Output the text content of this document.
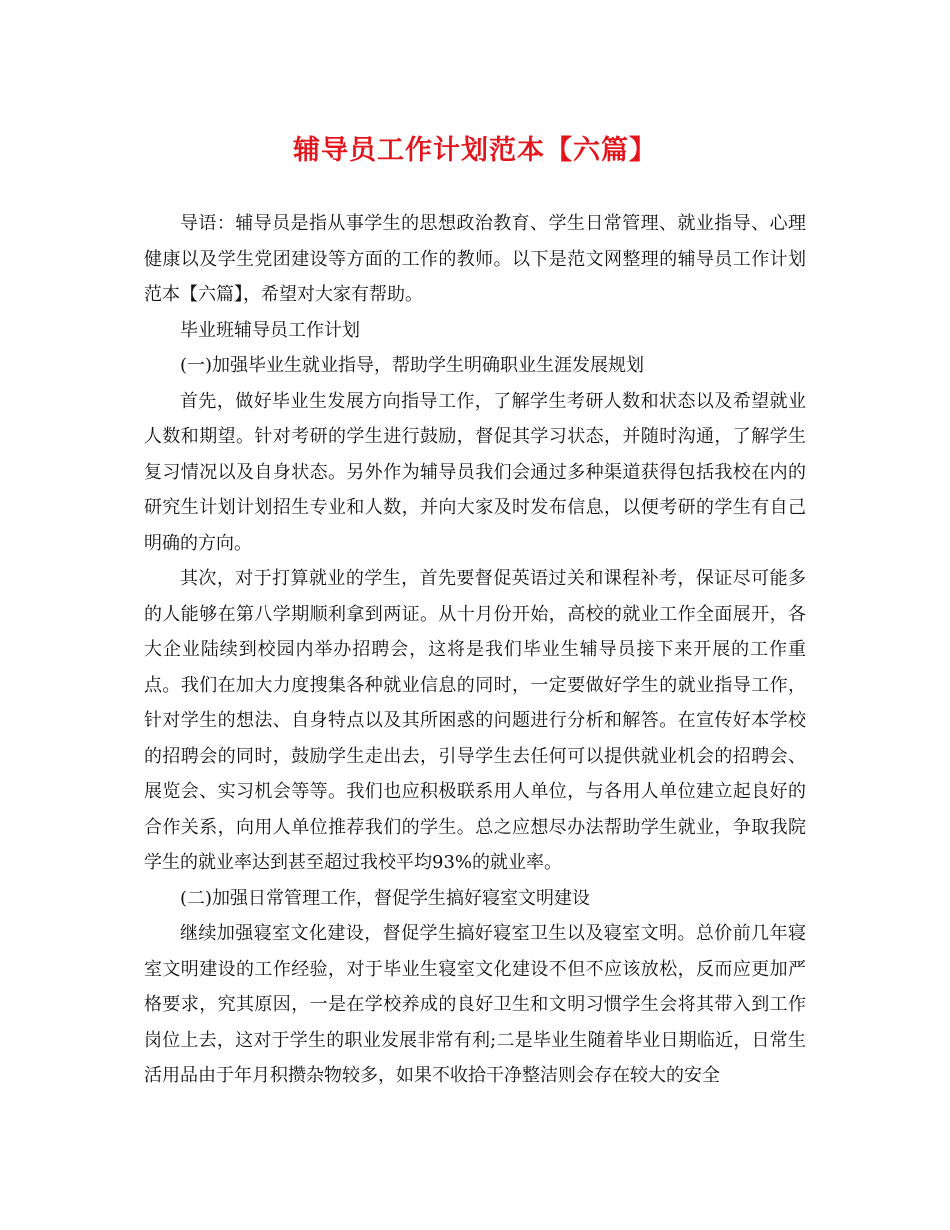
辅导员工作计划范本【六篇】

导语：辅导员是指从事学生的思想政治教育、学生日常管理、就业指导、心理健康以及学生党团建设等方面的工作的教师。以下是范文网整理的辅导员工作计划范本【六篇】，希望对大家有帮助。

毕业班辅导员工作计划

(一)加强毕业生就业指导，帮助学生明确职业生涯发展规划

首先，做好毕业生发展方向指导工作，了解学生考研人数和状态以及希望就业人数和期望。针对考研的学生进行鼓励，督促其学习状态，并随时沟通，了解学生复习情况以及自身状态。另外作为辅导员我们会通过多种渠道获得包括我校在内的研究生计划计划招生专业和人数，并向大家及时发布信息，以便考研的学生有自己明确的方向。

其次，对于打算就业的学生，首先要督促英语过关和课程补考，保证尽可能多的人能够在第八学期顺利拿到两证。从十月份开始，高校的就业工作全面展开，各大企业陆续到校园内举办招聘会，这将是我们毕业生辅导员接下来开展的工作重点。我们在加大力度搜集各种就业信息的同时，一定要做好学生的就业指导工作，针对学生的想法、自身特点以及其所困惑的问题进行分析和解答。在宣传好本学校的招聘会的同时，鼓励学生走出去，引导学生去任何可以提供就业机会的招聘会、展览会、实习机会等等。我们也应积极联系用人单位，与各用人单位建立起良好的合作关系，向用人单位推荐我们的学生。总之应想尽办法帮助学生就业，争取我院学生的就业率达到甚至超过我校平均93%的就业率。

(二)加强日常管理工作，督促学生搞好寝室文明建设

继续加强寝室文化建设，督促学生搞好寝室卫生以及寝室文明。总价前几年寝室文明建设的工作经验，对于毕业生寝室文化建设不但不应该放松，反而应更加严格要求，究其原因，一是在学校养成的良好卫生和文明习惯学生会将其带入到工作岗位上去，这对于学生的职业发展非常有利;二是毕业生随着毕业日期临近，日常生活用品由于年月积攒杂物较多，如果不收拾干净整洁则会存在较大的安全
